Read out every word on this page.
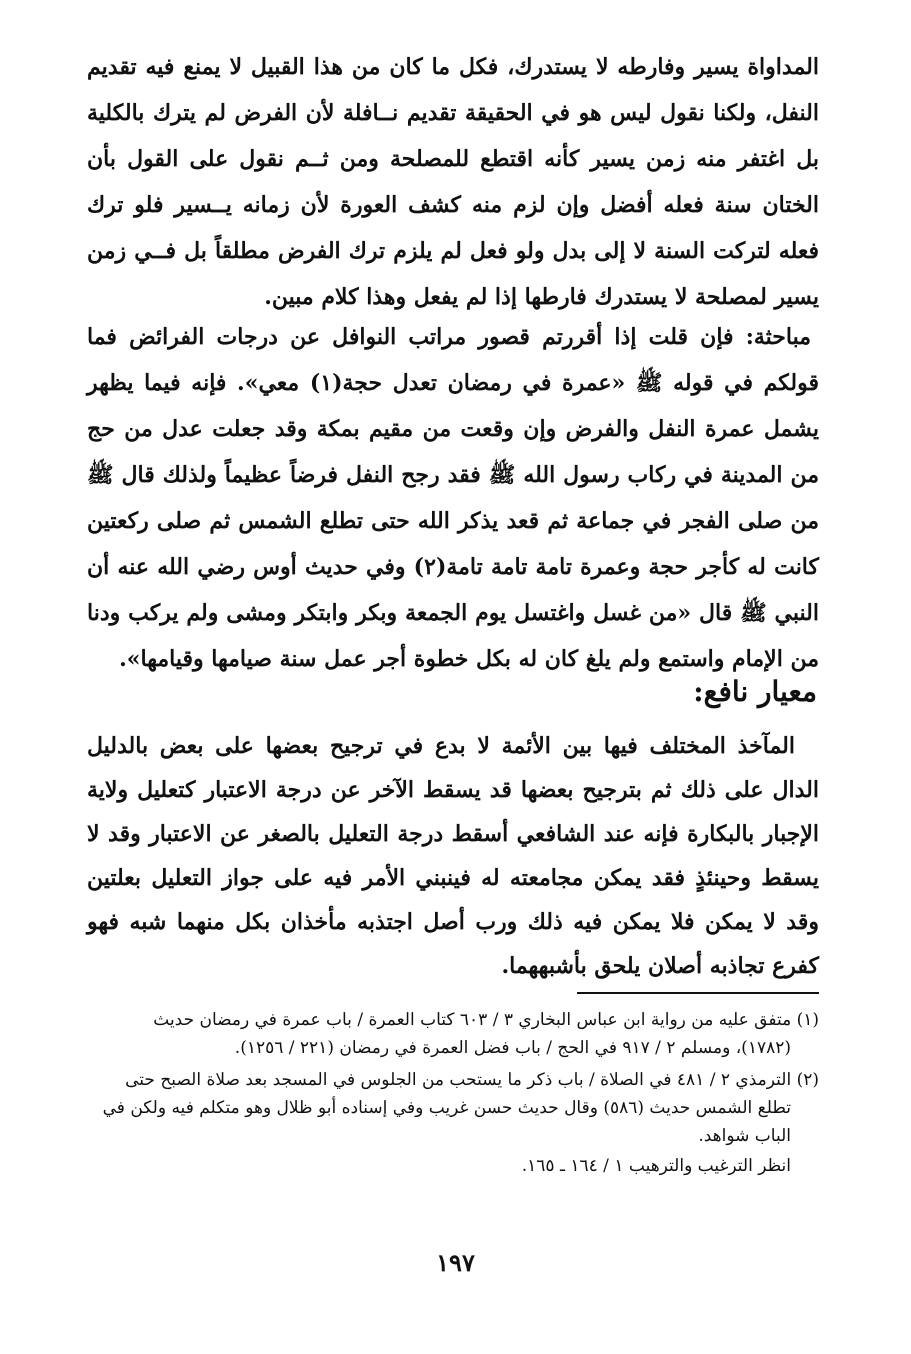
المداواة يسير وفارطه لا يستدرك، فكل ما كان من هذا القبيل لا يمنع فيه تقديم النفل، ولكنا نقول ليس هو في الحقيقة تقديم نــافلة لأن الفرض لم يترك بالكلية بل اغتفر منه زمن يسير كأنه اقتطع للمصلحة ومن ثــم نقول على القول بأن الختان سنة فعله أفضل وإن لزم منه كشف العورة لأن زمانه يــسير فلو ترك فعله لتركت السنة لا إلى بدل ولو فعل لم يلزم ترك الفرض مطلقاً بل فــي زمن يسير لمصلحة لا يستدرك فارطها إذا لم يفعل وهذا كلام مبين.
مباحثة: فإن قلت إذا أقررتم قصور مراتب النوافل عن درجات الفرائض فما قولكم في قوله ﷺ «عمرة في رمضان تعدل حجة(١) معي». فإنه فيما يظهر يشمل عمرة النفل والفرض وإن وقعت من مقيم بمكة وقد جعلت عدل من حج من المدينة في ركاب رسول الله ﷺ فقد رجح النفل فرضاً عظيماً ولذلك قال ﷺ من صلى الفجر في جماعة ثم قعد يذكر الله حتى تطلع الشمس ثم صلى ركعتين كانت له كأجر حجة وعمرة تامة تامة تامة(٢) وفي حديث أوس رضي الله عنه أن النبي ﷺ قال «من غسل واغتسل يوم الجمعة وبكر وابتكر ومشى ولم يركب ودنا من الإمام واستمع ولم يلغ كان له بكل خطوة أجر عمل سنة صيامها وقيامها».
معيار نافع:
المآخذ المختلف فيها بين الأئمة لا بدع في ترجيح بعضها على بعض بالدليل الدال على ذلك ثم بترجيح بعضها قد يسقط الآخر عن درجة الاعتبار كتعليل ولاية الإجبار بالبكارة فإنه عند الشافعي أسقط درجة التعليل بالصغر عن الاعتبار وقد لا يسقط وحينئذٍ فقد يمكن مجامعته له فينبني الأمر فيه على جواز التعليل بعلتين وقد لا يمكن فلا يمكن فيه ذلك ورب أصل اجتذبه مأخذان بكل منهما شبه فهو كفرع تجاذبه أصلان يلحق بأشبههما.
(١) متفق عليه من رواية ابن عباس البخاري ٣ / ٦٠٣ كتاب العمرة / باب عمرة في رمضان حديث
(١٧٨٢)، ومسلم ٢ / ٩١٧ في الحج / باب فضل العمرة في رمضان (٢٢١ / ١٢٥٦).
(٢) الترمذي ٢ / ٤٨١ في الصلاة / باب ذكر ما يستحب من الجلوس في المسجد بعد صلاة الصبح حتى
تطلع الشمس حديث (٥٨٦) وقال حديث حسن غريب وفي إسناده أبو ظلال وهو متكلم فيه ولكن في
الباب شواهد.
انظر الترغيب والترهيب ١ / ١٦٤ ـ ١٦٥.
١٩٧
